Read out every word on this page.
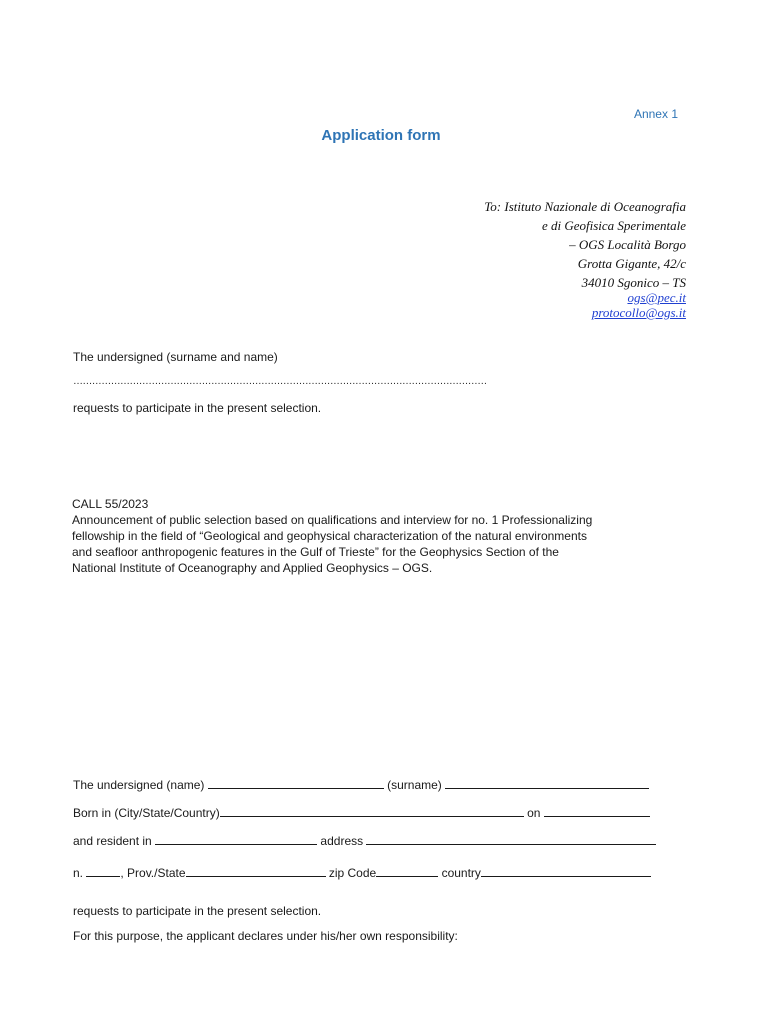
Annex 1
Application form
To: Istituto Nazionale di Oceanografia
e di Geofisica Sperimentale
– OGS Località Borgo
Grotta Gigante, 42/c
34010 Sgonico – TS
ogs@pec.it
protocollo@ogs.it
The undersigned (surname and name)
……………………………………………………………………………………………………………………
requests to participate in the present selection.
CALL 55/2023
Announcement of public selection based on qualifications and interview for no. 1 Professionalizing
fellowship in the field of “Geological and geophysical characterization of the natural environments
and seafloor anthropogenic features in the Gulf of Trieste” for the Geophysics Section of the
National Institute of Oceanography and Applied Geophysics – OGS.
The undersigned (name)	(surname)
Born in (City/State/Country)	on
and resident in	address
n.	, Prov./State	zip Code	country
requests to participate in the present selection.
For this purpose, the applicant declares under his/her own responsibility:
